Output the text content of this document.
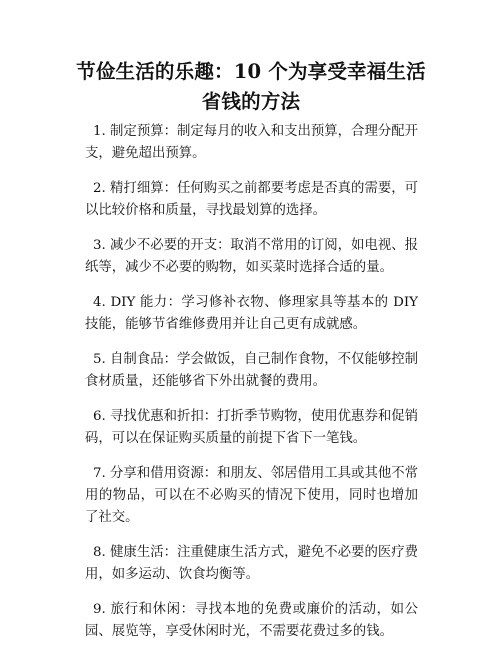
节俭生活的乐趣：10 个为享受幸福生活省钱的方法

1. 制定预算：制定每月的收入和支出预算，合理分配开支，避免超出预算。

2. 精打细算：任何购买之前都要考虑是否真的需要，可以比较价格和质量，寻找最划算的选择。

3. 减少不必要的开支：取消不常用的订阅，如电视、报纸等，减少不必要的购物，如买菜时选择合适的量。

4. DIY 能力：学习修补衣物、修理家具等基本的 DIY 技能，能够节省维修费用并让自己更有成就感。

5. 自制食品：学会做饭，自己制作食物，不仅能够控制食材质量，还能够省下外出就餐的费用。

6. 寻找优惠和折扣：打折季节购物，使用优惠券和促销码，可以在保证购买质量的前提下省下一笔钱。

7. 分享和借用资源：和朋友、邻居借用工具或其他不常用的物品，可以在不必购买的情况下使用，同时也增加了社交。

8. 健康生活：注重健康生活方式，避免不必要的医疗费用，如多运动、饮食均衡等。

9. 旅行和休闲：寻找本地的免费或廉价的活动，如公园、展览等，享受休闲时光，不需要花费过多的钱。
